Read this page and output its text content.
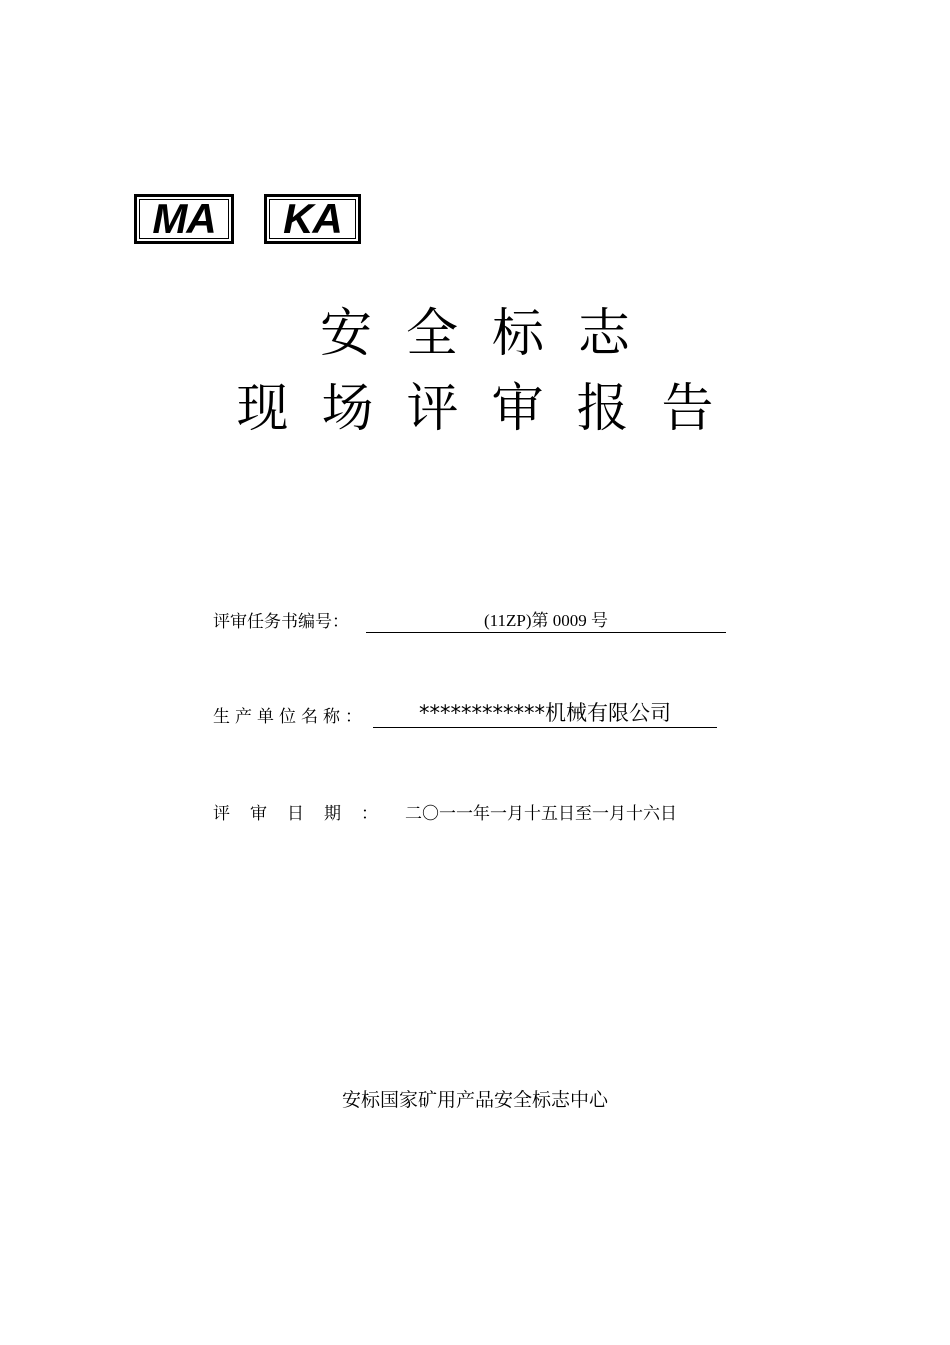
MA KA
安全标志
现场评审报告
评审任务书编号：	(11ZP)第 0009 号
生产单位名称：	************机械有限公司
评审日期： 二〇一一年一月十五日至一月十六日
安标国家矿用产品安全标志中心
